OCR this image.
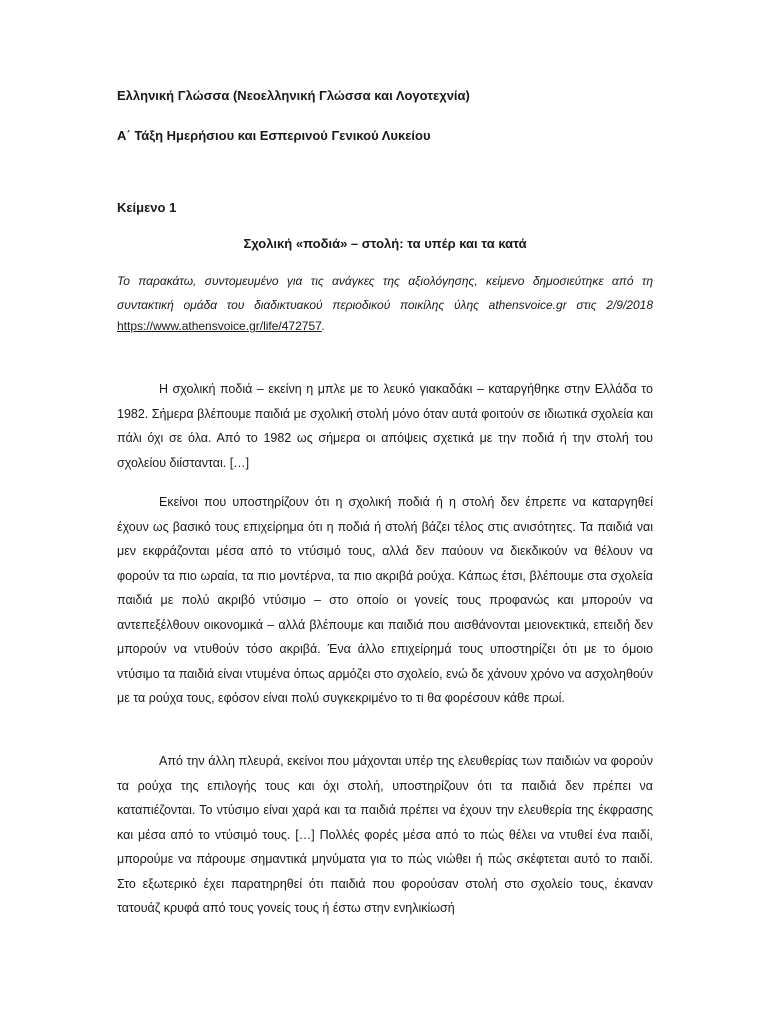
Ελληνική Γλώσσα (Νεοελληνική Γλώσσα και Λογοτεχνία)
Α΄ Τάξη Ημερήσιου και Εσπερινού Γενικού Λυκείου
Κείμενο 1
Σχολική «ποδιά» – στολή: τα υπέρ και τα κατά
Το παρακάτω, συντομευμένο για τις ανάγκες της αξιολόγησης, κείμενο δημοσιεύτηκε από τη συντακτική ομάδα του διαδικτυακού περιοδικού ποικίλης ύλης athensvoice.gr στις 2/9/2018
https://www.athensvoice.gr/life/472757.

Η σχολική ποδιά – εκείνη η μπλε με το λευκό γιακαδάκι – καταργήθηκε στην Ελλάδα το 1982. Σήμερα βλέπουμε παιδιά με σχολική στολή μόνο όταν αυτά φοιτούν σε ιδιωτικά σχολεία και πάλι όχι σε όλα. Από το 1982 ως σήμερα οι απόψεις σχετικά με την ποδιά ή την στολή του σχολείου διίστανται. […]

Εκείνοι που υποστηρίζουν ότι η σχολική ποδιά ή η στολή δεν έπρεπε να καταργηθεί έχουν ως βασικό τους επιχείρημα ότι η ποδιά ή στολή βάζει τέλος στις ανισότητες. Τα παιδιά ναι μεν εκφράζονται μέσα από το ντύσιμό τους, αλλά δεν παύουν να διεκδικούν να θέλουν να φορούν τα πιο ωραία, τα πιο μοντέρνα, τα πιο ακριβά ρούχα. Κάπως έτσι, βλέπουμε στα σχολεία παιδιά με πολύ ακριβό ντύσιμο – στο οποίο οι γονείς τους προφανώς και μπορούν να αντεπεξέλθουν οικονομικά – αλλά βλέπουμε και παιδιά που αισθάνονται μειονεκτικά, επειδή δεν μπορούν να ντυθούν τόσο ακριβά. Ένα άλλο επιχείρημά τους υποστηρίζει ότι με το όμοιο ντύσιμο τα παιδιά είναι ντυμένα όπως αρμόζει στο σχολείο, ενώ δε χάνουν χρόνο να ασχοληθούν με τα ρούχα τους, εφόσον είναι πολύ συγκεκριμένο το τι θα φορέσουν κάθε πρωί.

Από την άλλη πλευρά, εκείνοι που μάχονται υπέρ της ελευθερίας των παιδιών να φορούν τα ρούχα της επιλογής τους και όχι στολή, υποστηρίζουν ότι τα παιδιά δεν πρέπει να καταπιέζονται. Το ντύσιμο είναι χαρά και τα παιδιά πρέπει να έχουν την ελευθερία της έκφρασης και μέσα από το ντύσιμό τους. […] Πολλές φορές μέσα από το πώς θέλει να ντυθεί ένα παιδί, μπορούμε να πάρουμε σημαντικά μηνύματα για το πώς νιώθει ή πώς σκέφτεται αυτό το παιδί. Στο εξωτερικό έχει παρατηρηθεί ότι παιδιά που φορούσαν στολή στο σχολείο τους, έκαναν τατουάζ κρυφά από τους γονείς τους ή έστω στην ενηλικίωσή
